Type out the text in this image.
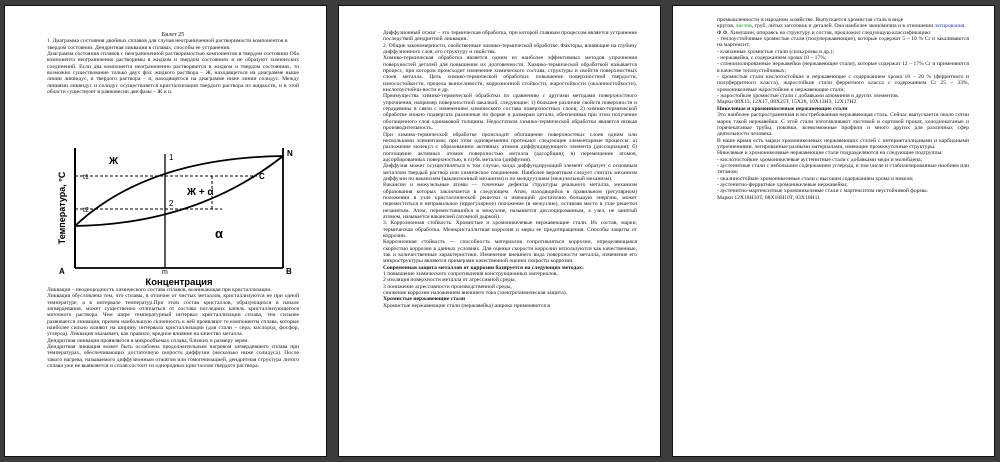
Билет 25

1. Диаграмма состояния двойных сплавов для случая неограниченной растворимости компонентов в твердом состоянии. Дендритная ликвация в сплавах, способы ее устранения.

Диаграмма состояния сплавов с неограниченной растворимостью компонентов в твердом состоянии Оба компонента неограниченно растворимы в жидком и твердом состояниях и не образуют химических соединений. Если два компонента неограниченно растворяются в жидком и твердом состояниях, то возможно существование только двух фаз: жидкого раствора – Ж, находящегося на диаграмме выше линии ликвидус, и твердого раствора – α, находящегося на диаграмме ниже линии солидус. Между линиями ликвидус и солидус осуществляется кристаллизация твердого раствора из жидкости, и в этой области существуют в равновесии две фазы – Ж и α.

Температура, °C
Концентрация
t1
t2
1
2
Ж
Ж + α
α
N
C
A	B
m

Ликвация – неоднородность химического состава сплавов, возникающая при кристаллизации.

Ликвация обусловлена тем, что сплавы, в отличие от чистых металлов, кристаллизуются не при одной температуре, а в интервале температур.При этом состав кристаллов, образующихся в начале затвердевания, может существенно отличаться от состава последних капель кристаллизующегося маточного раствора. Чем шире температурный интервал кристаллизации сплава, тем сильнее развивается ликвация, причем наибольшую склонность к ней проявляют те компоненты сплава, которые наиболее сильно влияют на ширину интервала кристаллизации (для стали – сера, кислород, фосфор, углерод). Ликвация оказывает, как правило, вредное влияние на качество металла.

Дендритная ликвация проявляется в микрообъемах сплава, близких к размеру зерен.

Дендритная ликвация может быть ослаблена продолжительным нагревом затвердевшего сплава при температурах, обеспечивающих достаточную скорость диффузии (несколько ниже солидуса). После такого нагрева, называемого диффузионным отжигом или гомогенизацией, дендритная структура литого сплава уже не выявляется и сплав состоит из однородных кристаллов твердого раствора.

Диффузионный отжиг – это термическая обработка, при которой главным процессом является устранение последствий дендритной ликвации.

2. Общие закономерности, свойственные химико-термической обработке. Факторы, влияющие на глубину диффузионного слоя, его структуру и свойства.

Химико-термическая обработка является одним из наиболее эффективных методов упрочнения поверхностей деталей для повышения их долговечности. Химико-термической обработкой называется процесс, при котором происходит изменение химического состава, структуры и свойств поверхностных слоев металла. Цель химико-термической обработки: повышение поверхностной твердости, износостойкости, предела выносливости, коррозионной стойкости, жаростойкости (окалиностойкости), кислотоустойчи-вости и др.

Преимущества химико-термической обработки по сравнению с другими методами поверхностного упрочнения, например поверхностной закалкой, следующие: 1) большее различие свойств поверхности и сердцевины в связи с изменением химического состава поверхностных слоев; 2) химико-термической обработке можно подвергать различные по форме и размерам детали, обеспечивая при этом получение обогащенного слоя одинаковой толщины. Недостатком химико-термической обработки является низкая производительность.

При химико-термической обработке происходит обогащение поверхностных слоев одним или несколькими элементами; при этом одновременно протекают следующие элементарные процессы: а) разложение молекул с образованием активных атомов диффундирующего элемента (диссоциация); б) поглощение активных атомов поверхностью металла (адсорбция); в) перемещение атомов, адсорбированных поверхностью, в глубь металла (диффузия).

Диффузия может осуществляться в том случае, когда диффундирующий элемент образует с основным металлом твердый раствор или химическое соединение. Наиболее вероятным следует считать механизм диффузии по вакансиям (вакансионный механизм) и по междуузлиям (межузельный механизм).

Вакансии и межузельные атомы — точечные дефекты структуры реального металла, механизм образования которых заключается в следующем. Атом, находящийся в правильном (регулярном) положении в узле кристаллической решетки и имеющий достаточно большую энергию, может переместиться в неправильное (иррегулярное) положение (в межузлие), оставляя место в узле решетки незанятым. Атом, переместившийся в межузлие, называется дислоцированным, а узел, не занятый атомом, называется вакансией (атомной дыркой).

3. Коррозионная стойкость. Хромистые и хромоникелевые нержавеющие стали. Их состав, марки, термическая обработка. Межкристаллитная коррозия и меры ее предотвращения. Способы защиты от коррозии.

Коррозионная стойкость — способность материалов сопротивляться коррозии, определяющаяся скоростью коррозии в данных условиях. Для оценки скорости коррозии используются как качественные, так и количественные характеристики. Изменение внешнего вида поверхности металла, изменение его микроструктуры являются примерами качественной оценки скорости коррозии.

Современная защита металлов от коррозии базируется на следующих методах:

1 повышение химического сопротивления конструкционных материалов,

2 изоляция поверхности металла от агрессивной среды,

3 понижение агрессивности производственной среды,

снижение коррозии наложением внешнего тока (электрохимическая защита).

Хромистые нержавеющие стали

Хромистые нержавеющие стали (нержавейка) широко применяются в

промышленности и народном хозяйстве. Выпускается хромистая сталь в виде

кругов, листов, труб, литых заготовок и деталей. Она наиболее экономична и в отношении легирования.

Ф.Ф. Химушин, опираясь на структуру и состав, предложил следующую классификацию:

- теплоустойчивые хромистые стали (полунержавеющие), которые содержат 5 – 10 % Cr и закаливаются на мартенсит;

- клапанные хромистые стали (сильхромы и др.);

- нержавейка, с содержанием хрома 10 – 17%;

- слоноизолированные нержавейки (нержавеющие стали), которые содержат 12 – 17% Cr и применяются в качестве теплоустойчивых;

- хромистые стали кислотостойкие и нержавеющие с содержанием хрома 16 – 20 % (ферритного и полуферритного класса), жаростойкие стали ферритного класса с содержанием Cr 25 – 33%, хромоникелевые жаростойкие и нержавеющие стали;

- жаростойкие хромистые стали с добавками алюминия и других элементов.

Марки 08Х13, 12Х17, 08Х25Т, 15Х28, 10Х13Н3, 12Х17Н2

Никелевые и хромоникелевые нержавеющие стали

Это наиболее распространенная и востребованная нержавеющая сталь. Сейчас выпускается около сотни марок такой нержавейки. С этой стали изготавливают листовой и сортовой прокат, холоднокатаные и горячекатаные трубы, поковки, всевозможные профили и много других для различных сфер деятельности человека.

В наше время есть марки хромоникелевых нержавеющих сталей с интерметаллидными и карбидными упрочнениями, легированные разными материалами, имеющие промежуточные структуры.

Никелевые и хромоникелевые нержавеющие стали подразделяются на следующие подгруппы:

- кислотостойкие хромоникелевые аустенитные стали с добавками меди и молибдена;

- аустенитные стали с небольшим содержанием углерода, в том числе и стабилизированные ниобием или титаном;

- окалиностойкие хромоникелевые стали с высоким содержанием хрома и никеля;

- аустенитно-ферритные хромоникелевые нержавейки;

- аустенитно-мартенситные хромоникелевые стали с мартенситом неустойчивой формы.

Марки 12Х18Н10Т, 08Х18Н10Т, 03Х18Н11
